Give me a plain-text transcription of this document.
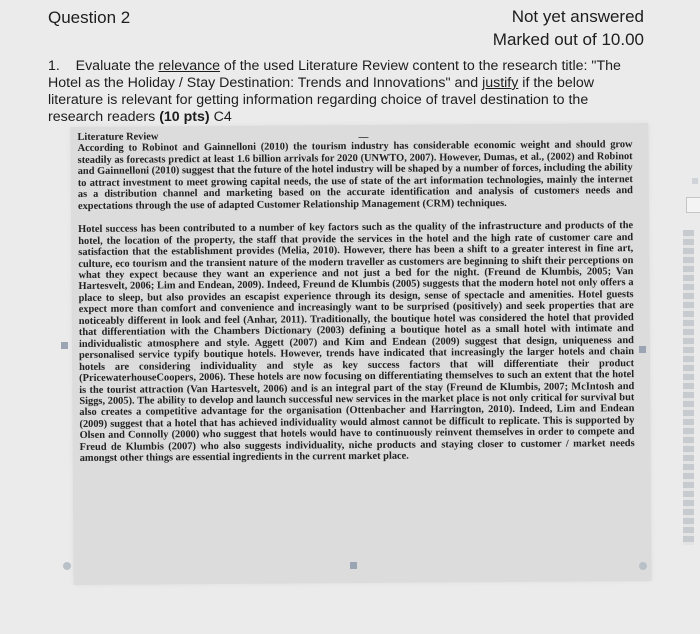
Question 2	Not yet answered
Marked out of 10.00
1. Evaluate the relevance of the used Literature Review content to the research title: "The Hotel as the Holiday / Stay Destination: Trends and Innovations" and justify if the below literature is relevant for getting information regarding choice of travel destination to the research readers (10 pts) C4
Literature Review

According to Robinot and Gainnelloni (2010) the tourism industry has considerable economic weight and should grow steadily as forecasts predict at least 1.6 billion arrivals for 2020 (UNWTO, 2007). However, Dumas, et al., (2002) and Robinot and Gainnelloni (2010) suggest that the future of the hotel industry will be shaped by a number of forces, including the ability to attract investment to meet growing capital needs, the use of state of the art information technologies, mainly the internet as a distribution channel and marketing based on the accurate identification and analysis of customers needs and expectations through the use of adapted Customer Relationship Management (CRM) techniques.

Hotel success has been contributed to a number of key factors such as the quality of the infrastructure and products of the hotel, the location of the property, the staff that provide the services in the hotel and the high rate of customer care and satisfaction that the establishment provides (Melia, 2010). However, there has been a shift to a greater interest in fine art, culture, eco tourism and the transient nature of the modern traveller as customers are beginning to shift their perceptions on what they expect because they want an experience and not just a bed for the night. (Freund de Klumbis, 2005; Van Hartesvelt, 2006; Lim and Endean, 2009). Indeed, Freund de Klumbis (2005) suggests that the modern hotel not only offers a place to sleep, but also provides an escapist experience through its design, sense of spectacle and amenities. Hotel guests expect more than comfort and convenience and increasingly want to be surprised (positively) and seek properties that are noticeably different in look and feel (Anhar, 2011). Traditionally, the boutique hotel was considered the hotel that provided that differentiation with the Chambers Dictionary (2003) defining a boutique hotel as a small hotel with intimate and individualistic atmosphere and style. Aggett (2007) and Kim and Endean (2009) suggest that design, uniqueness and personalised service typify boutique hotels. However, trends have indicated that increasingly the larger hotels and chain hotels are considering individuality and style as key success factors that will differentiate their product (PricewaterhouseCoopers, 2006). These hotels are now focusing on differentiating themselves to such an extent that the hotel is the tourist attraction (Van Hartesvelt, 2006) and is an integral part of the stay (Freund de Klumbis, 2007; McIntosh and Siggs, 2005). The ability to develop and launch successful new services in the market place is not only critical for survival but also creates a competitive advantage for the organisation (Ottenbacher and Harrington, 2010). Indeed, Lim and Endean (2009) suggest that a hotel that has achieved individuality would almost cannot be difficult to replicate. This is supported by Olsen and Connolly (2000) who suggest that hotels would have to continuously reinvent themselves in order to compete and Freud de Klumbis (2007) who also suggests individuality, niche products and staying closer to customer / market needs amongst other things are essential ingredients in the current market place.
